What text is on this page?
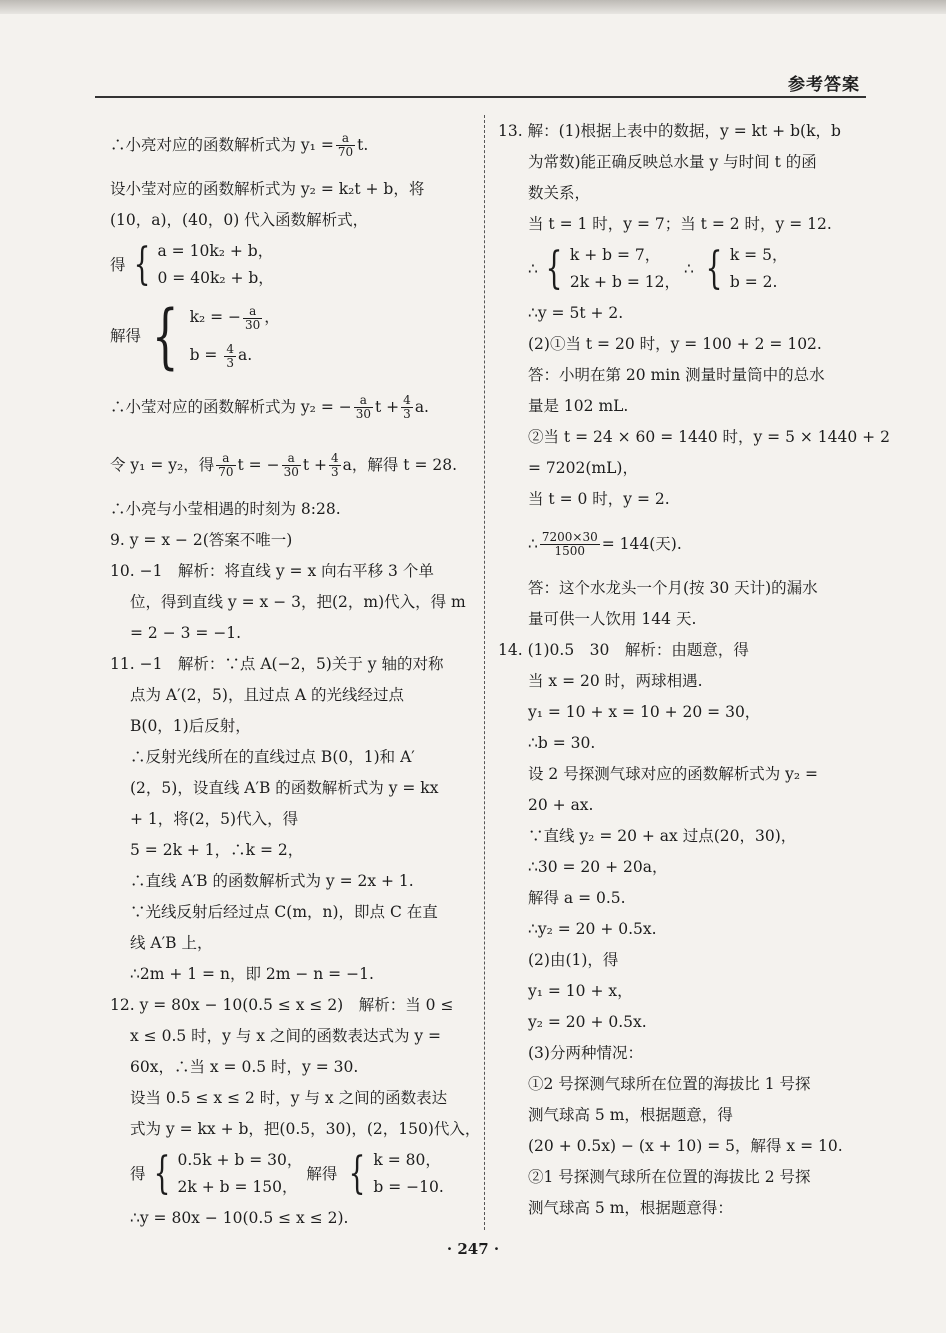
参考答案
∴小亮对应的函数解析式为 $y_1 = \frac{a}{70} t$.
设小莹对应的函数解析式为 y₂ = k₂t + b，将
(10，a)，(40，0) 代入函数解析式，
得 { a = 10k₂ + b，
0 = 40k₂ + b，
解得 { k₂ = − $\frac{a}{30}$ ，
$b = \frac{4}{3} a$.
∴小莹对应的函数解析式为 y₂ = − $\frac{a}{30}$ $t + \frac{4}{3} a$.
令 y₁ = y₂，得 $\frac{a}{70}$ t = − $\frac{a}{30}$ $t + \frac{4}{3}$ a，解得 t = 28.
∴小亮与小莹相遇的时刻为 8:28.
9. y = x − 2(答案不唯一)
10. −1　解析：将直线 y = x 向右平移 3 个单
位，得到直线 y = x − 3，把(2，m)代入，得 m
= 2 − 3 = −1.
11. −1　解析：∵点 A(−2，5)关于 y 轴的对称
点为 A′(2，5)，且过点 A 的光线经过点
B(0，1)后反射，
∴反射光线所在的直线过点 B(0，1)和 A′
(2，5)，设直线 A′B 的函数解析式为 y = kx
+ 1，将(2，5)代入，得
5 = 2k + 1，∴k = 2，
∴直线 A′B 的函数解析式为 y = 2x + 1.
∵光线反射后经过点 C(m，n)，即点 C 在直
线 A′B 上，
∴2m + 1 = n，即 2m − n = −1.
12. y = 80x − 10(0.5 ≤ x ≤ 2)　解析：当 0 ≤
x ≤ 0.5 时，y 与 x 之间的函数表达式为 y =
60x，∴当 x = 0.5 时，y = 30.
设当 0.5 ≤ x ≤ 2 时，y 与 x 之间的函数表达
式为 y = kx + b，把(0.5，30)，(2，150)代入，
得 { 0.5k + b = 30，
2k + b = 150，
解得 { k = 80，
b = −10.
∴y = 80x − 10(0.5 ≤ x ≤ 2).
13. 解：(1)根据上表中的数据，y = kt + b(k，b
为常数)能正确反映总水量 y 与时间 t 的函
数关系，
当 t = 1 时，y = 7；当 t = 2 时，y = 12.
∴ { k + b = 7，
2k + b = 12，
∴ { k = 5，
b = 2.
∴y = 5t + 2.
(2)①当 t = 20 时，y = 100 + 2 = 102.
答：小明在第 20 min 测量时量筒中的总水
量是 102 mL.
②当 t = 24 × 60 = 1440 时，y = 5 × 1440 + 2
= 7202(mL)，
当 t = 0 时，y = 2.
∴ $\frac{7200\times 30}{1500} = 144$(天).
答：这个水龙头一个月(按 30 天计)的漏水
量可供一人饮用 144 天.
14. (1)0.5　30　解析：由题意，得
当 x = 20 时，两球相遇.
y₁ = 10 + x = 10 + 20 = 30，
∴b = 30.
设 2 号探测气球对应的函数解析式为 y₂ =
20 + ax.
∵直线 y₂ = 20 + ax 过点(20，30)，
∴30 = 20 + 20a，
解得 a = 0.5.
∴y₂ = 20 + 0.5x.
(2)由(1)，得
y₁ = 10 + x，
y₂ = 20 + 0.5x.
(3)分两种情况：
①2 号探测气球所在位置的海拔比 1 号探
测气球高 5 m，根据题意，得
(20 + 0.5x) − (x + 10) = 5，解得 x = 10.
②1 号探测气球所在位置的海拔比 2 号探
测气球高 5 m，根据题意得：
· 247 ·
